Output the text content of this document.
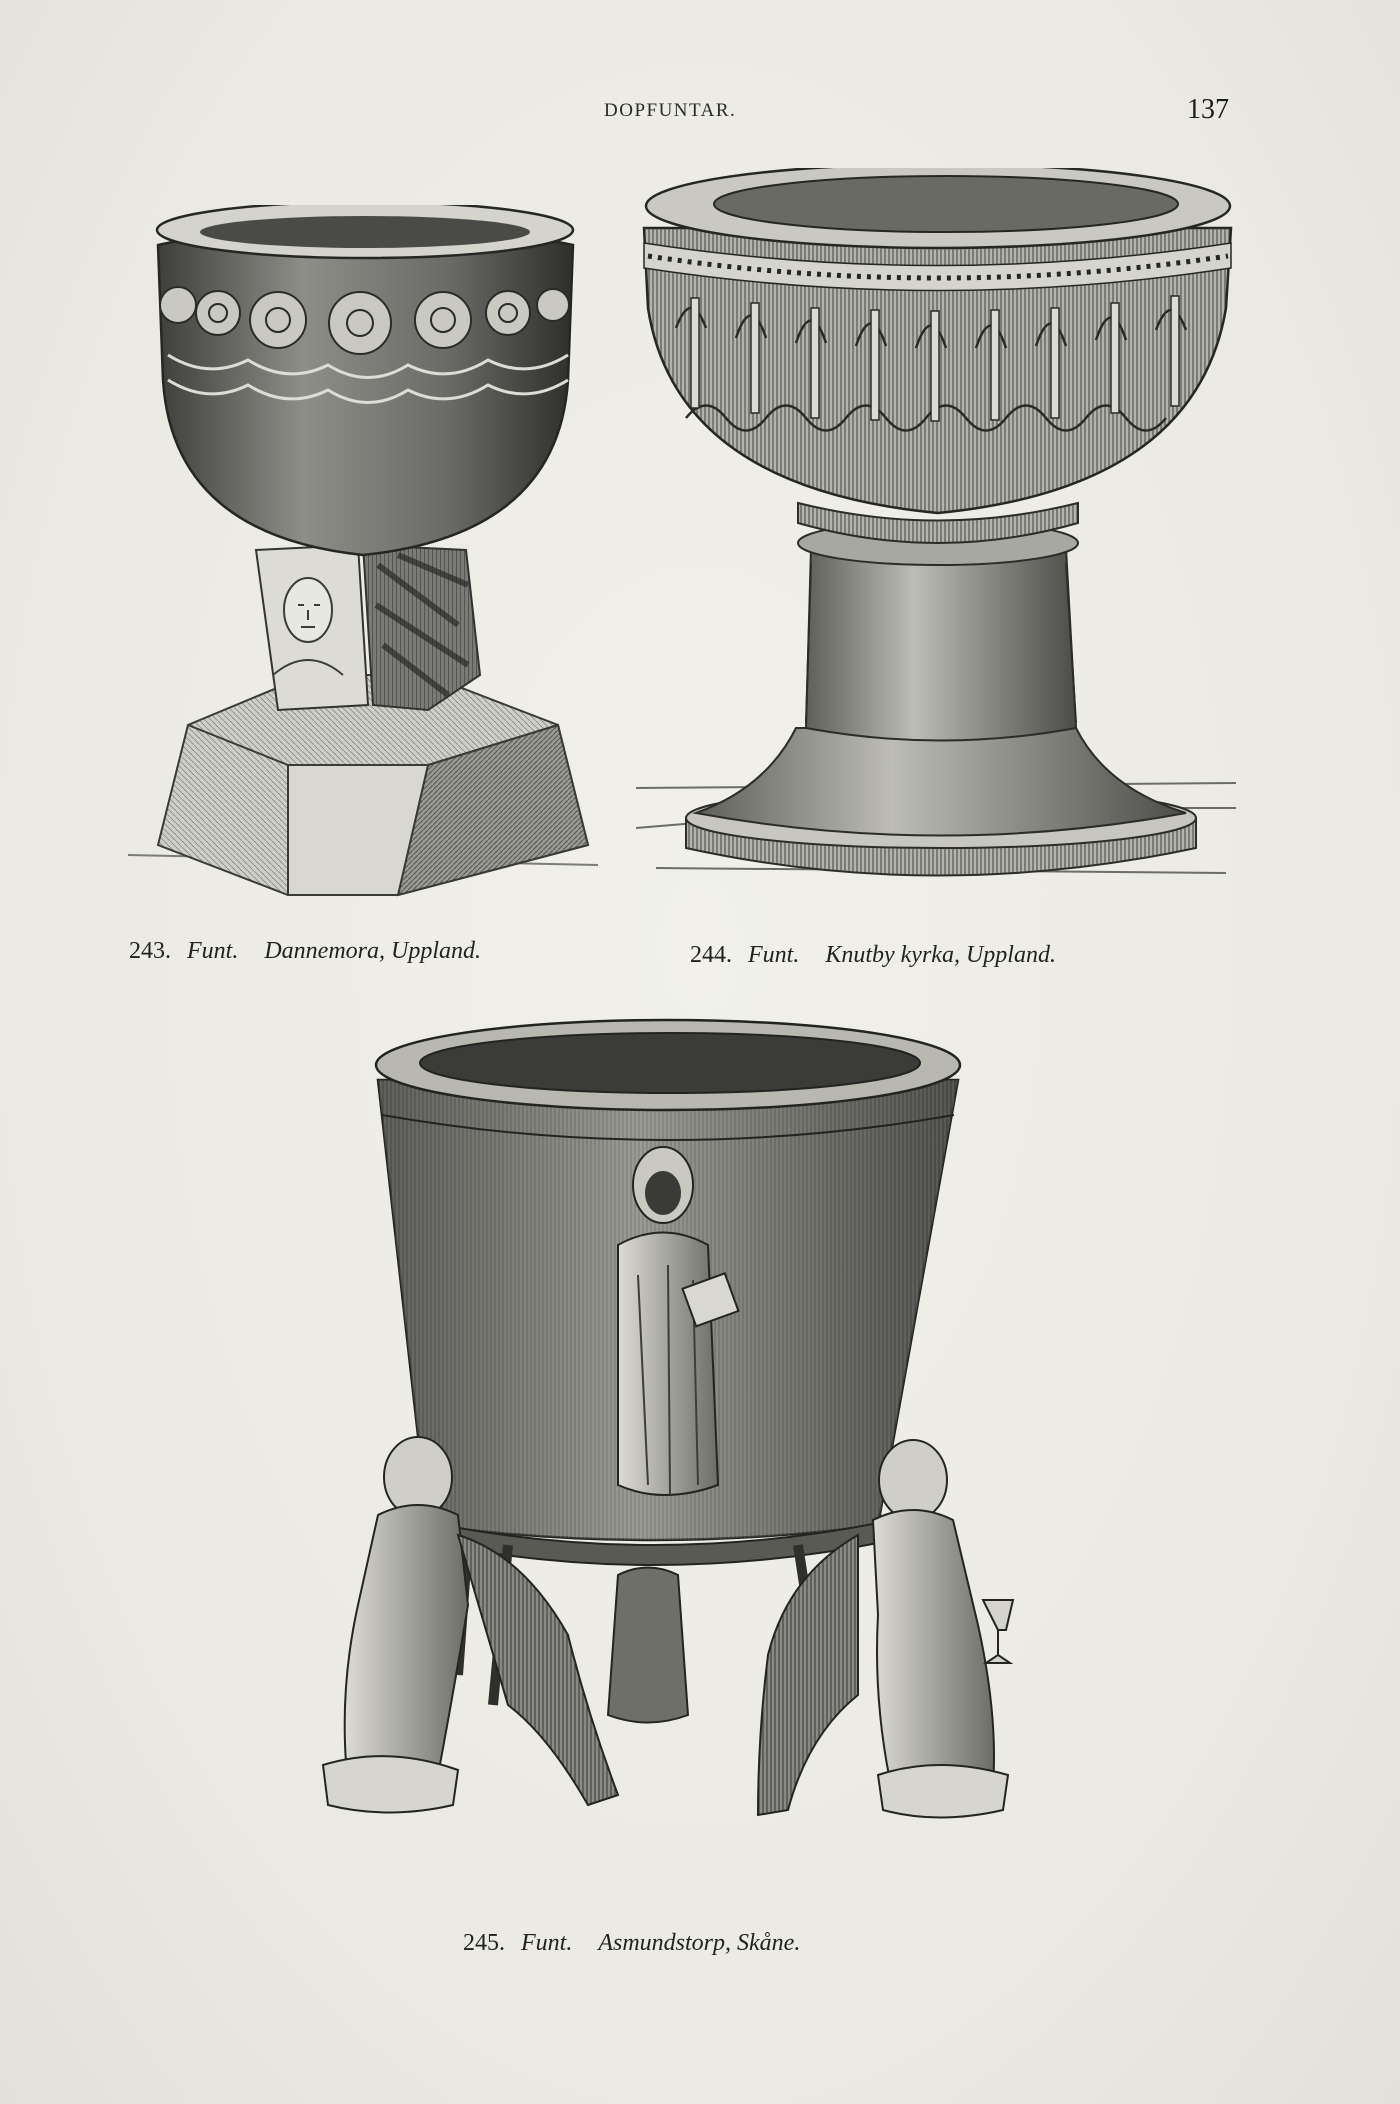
DOPFUNTAR.	137
243. Funt. Dannemora, Uppland.	244. Funt. Knutby kyrka, Uppland.
245. Funt. Asmundstorp, Skåne.
